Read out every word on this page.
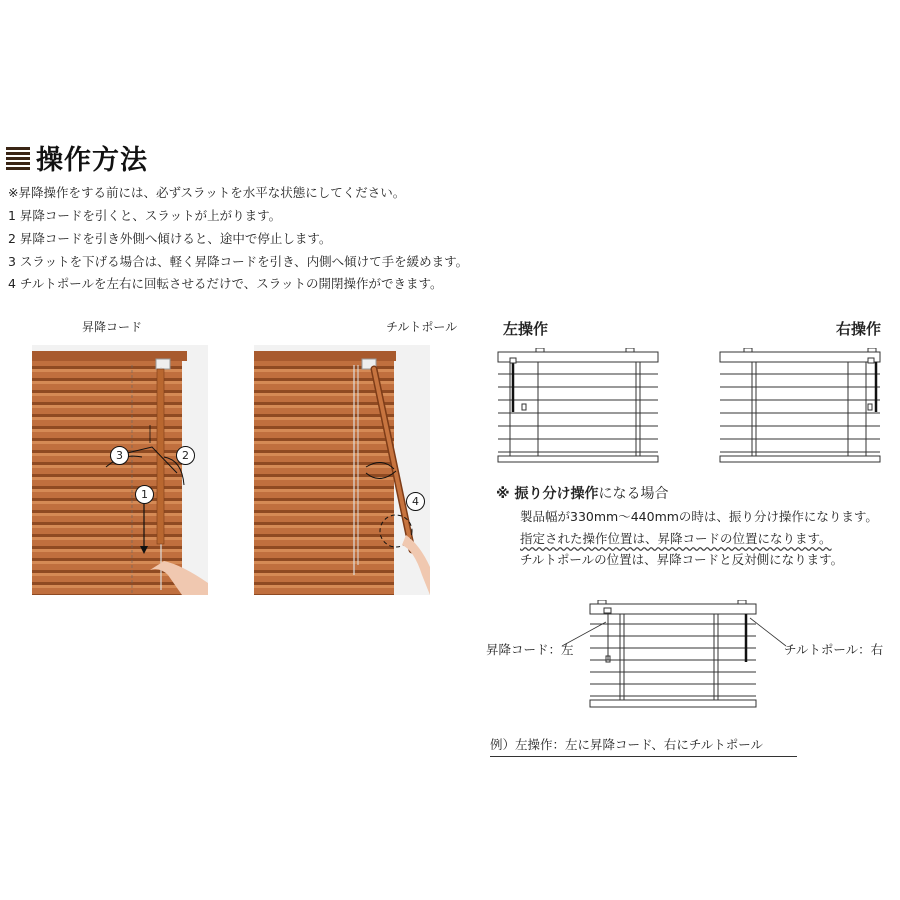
操作方法
※昇降操作をする前には、必ずスラットを水平な状態にしてください。
1 昇降コードを引くと、スラットが上がります。
2 昇降コードを引き外側へ傾けると、途中で停止します。
3 スラットを下げる場合は、軽く昇降コードを引き、内側へ傾けて手を緩めます。
4 チルトポールを左右に回転させるだけで、スラットの開閉操作ができます。
昇降コード
3	2
1
チルトポール
4
左操作	右操作
※ 振り分け操作になる場合
製品幅が330mm〜440mmの時は、振り分け操作になります。
指定された操作位置は、昇降コードの位置になります。
チルトポールの位置は、昇降コードと反対側になります。
昇降コード：左	チルトポール：右
例）左操作：左に昇降コード、右にチルトポール
